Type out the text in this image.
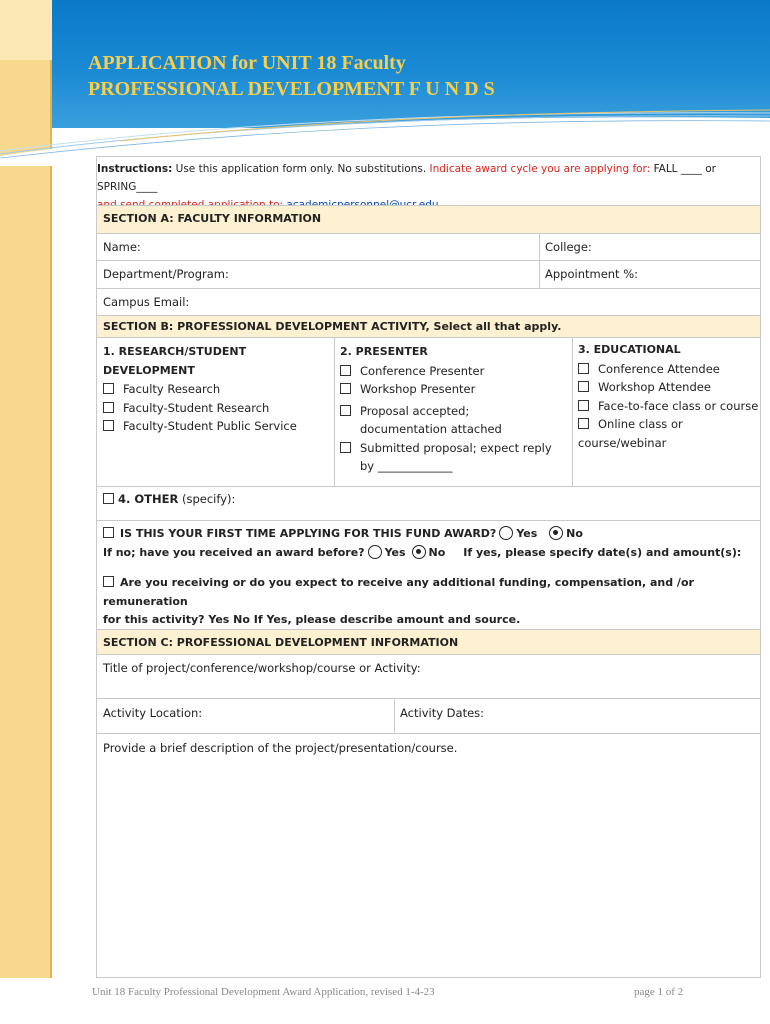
APPLICATION for UNIT 18 Faculty
PROFESSIONAL DEVELOPMENT F U N D S
Instructions: Use this application form only. No substitutions. Indicate award cycle you are applying for: FALL ____ or SPRING____

SECTION A: FACULTY INFORMATION
Name:	College:
Department/Program:	Appointment %:
Campus Email:
SECTION B: PROFESSIONAL DEVELOPMENT ACTIVITY, Select all that apply.
1. RESEARCH/STUDENT DEVELOPMENT
Faculty Research
Faculty-Student Research
Faculty-Student Public Service
2. PRESENTER
Conference Presenter
Workshop Presenter
Proposal accepted;
documentation attached
Submitted proposal; expect reply
by _____________
3. EDUCATIONAL
Conference Attendee
Workshop Attendee
Face-to-face class or course
Online class or
course/webinar
4. OTHER (specify):
IS THIS YOUR FIRST TIME APPLYING FOR THIS FUND AWARD? Yes	No
If no; have you received an award before? Yes No If yes, please specify date(s) and amount(s):
Are you receiving or do you expect to receive any additional funding, compensation, and /or remuneration
for this activity? Yes No If Yes, please describe amount and source.
SECTION C: PROFESSIONAL DEVELOPMENT INFORMATION
Title of project/conference/workshop/course or Activity:
Activity Location:	Activity Dates:
Provide a brief description of the project/presentation/course.
Unit 18 Faculty Professional Development Award Application, revised 1-4-23	page 1 of 2
